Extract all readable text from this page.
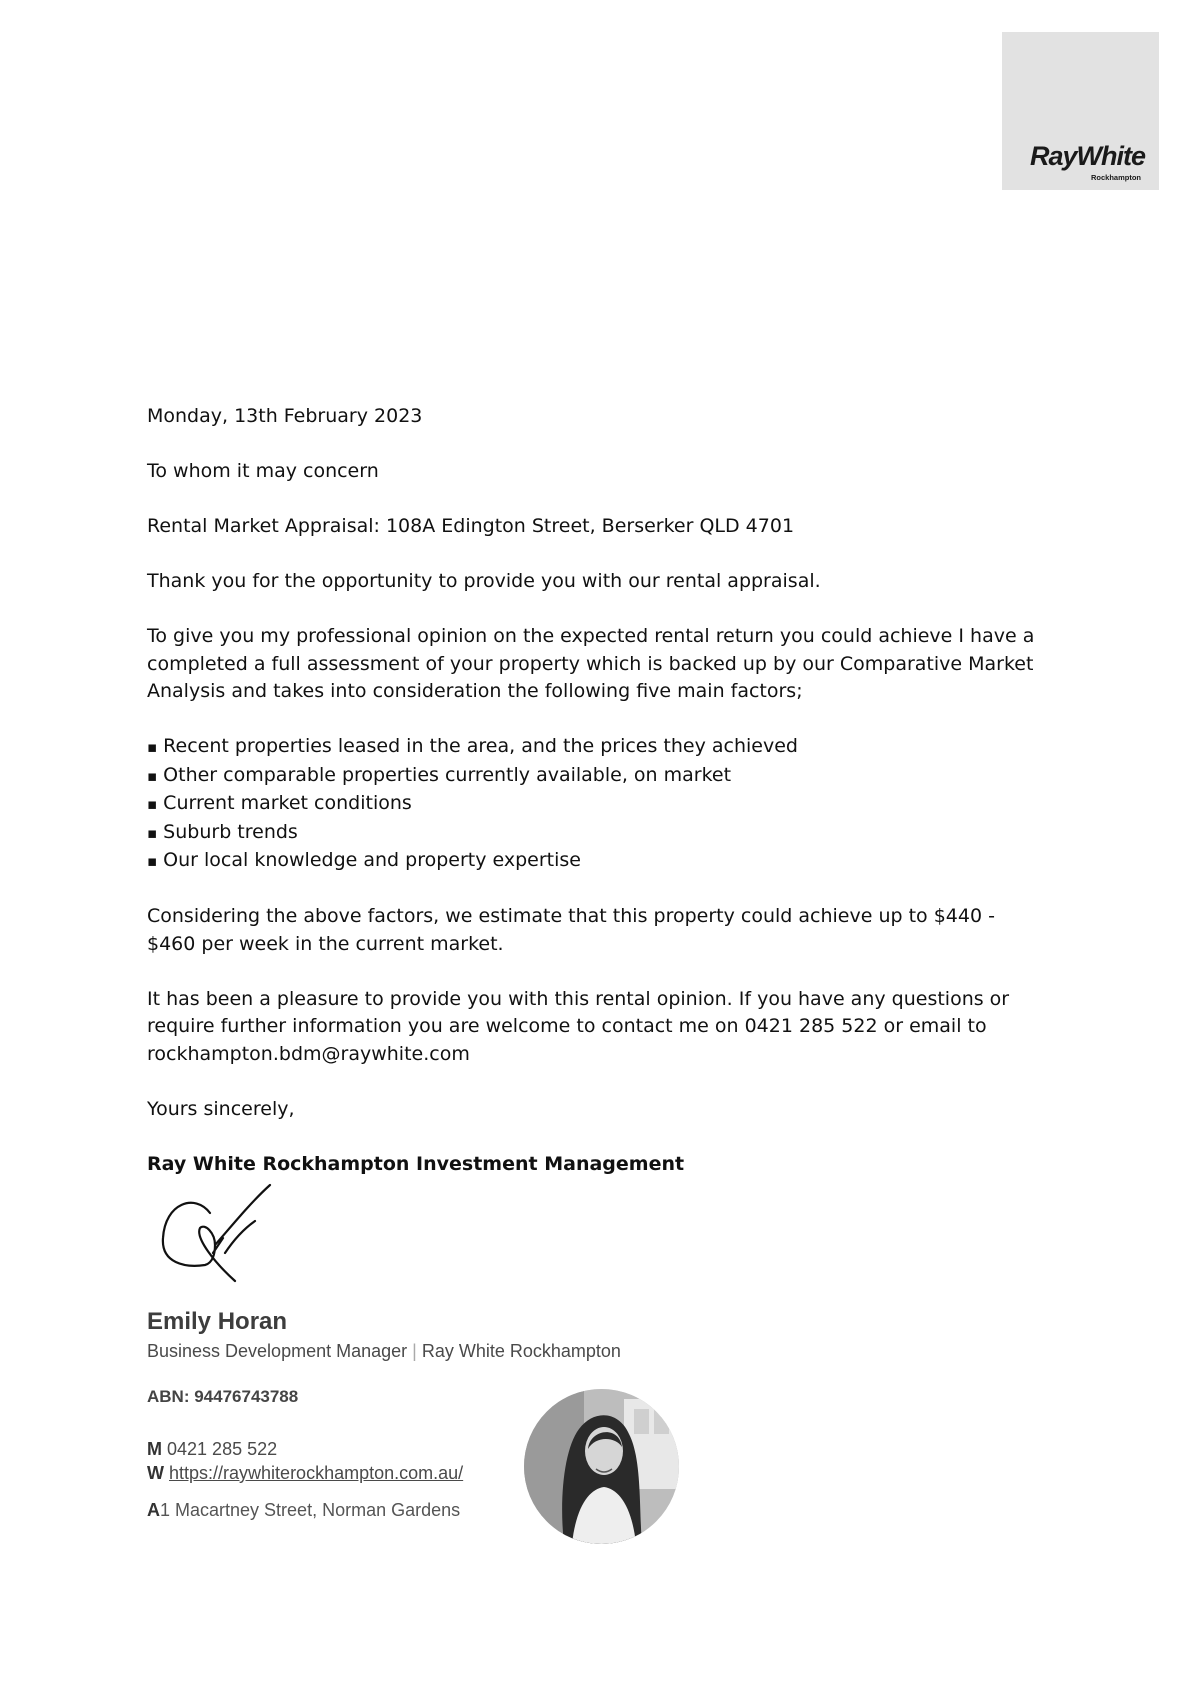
RayWhite
Rockhampton

Monday, 13th February 2023

To whom it may concern

Rental Market Appraisal: 108A Edington Street, Berserker QLD 4701

Thank you for the opportunity to provide you with our rental appraisal.

To give you my professional opinion on the expected rental return you could achieve I have a completed a full assessment of your property which is backed up by our Comparative Market Analysis and takes into consideration the following five main factors;

▪ Recent properties leased in the area, and the prices they achieved
▪ Other comparable properties currently available, on market
▪ Current market conditions
▪ Suburb trends
▪ Our local knowledge and property expertise

Considering the above factors, we estimate that this property could achieve up to $440 - $460 per week in the current market.

It has been a pleasure to provide you with this rental opinion. If you have any questions or require further information you are welcome to contact me on 0421 285 522 or email to rockhampton.bdm@raywhite.com

Yours sincerely,

Ray White Rockhampton Investment Management

Emily Horan

Business Development Manager | Ray White Rockhampton

ABN: 94476743788
M 0421 285 522
W https://raywhiterockhampton.com.au/
A1 Macartney Street, Norman Gardens
